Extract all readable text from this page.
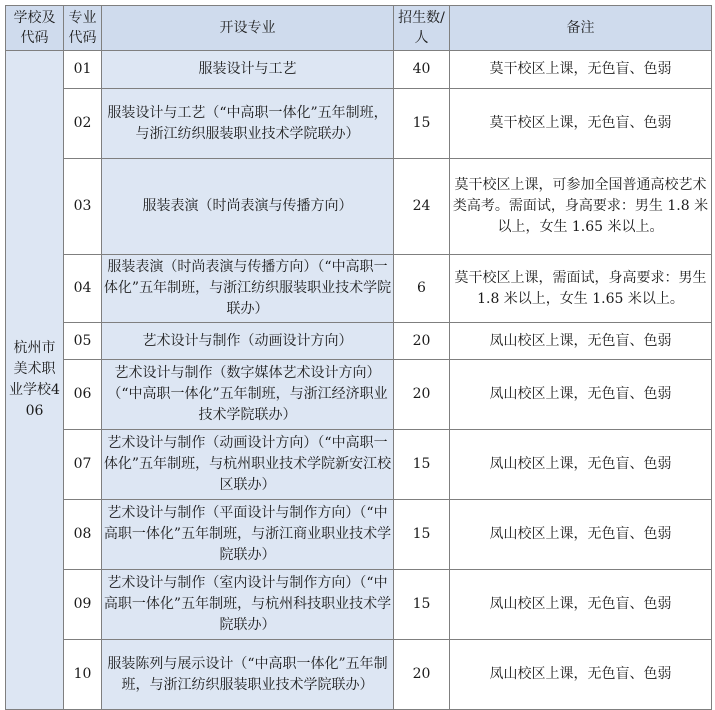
学校及代码	专业代码	开设专业	招生数/人	备注
杭州市美术职业学校406	01	服装设计与工艺	40	莫干校区上课，无色盲、色弱
	02	服装设计与工艺（“中高职一体化”五年制班，与浙江纺织服装职业技术学院联办）	15	莫干校区上课，无色盲、色弱
	03	服装表演（时尚表演与传播方向）	24	莫干校区上课，可参加全国普通高校艺术类高考。需面试，身高要求：男生 1.8 米以上，女生 1.65 米以上。
	04	服装表演（时尚表演与传播方向）（“中高职一体化”五年制班，与浙江纺织服装职业技术学院联办）	6	莫干校区上课，需面试，身高要求：男生 1.8 米以上，女生 1.65 米以上。
	05	艺术设计与制作（动画设计方向）	20	凤山校区上课，无色盲、色弱
	06	艺术设计与制作（数字媒体艺术设计方向）（“中高职一体化”五年制班，与浙江经济职业技术学院联办）	20	凤山校区上课，无色盲、色弱
	07	艺术设计与制作（动画设计方向）（“中高职一体化”五年制班，与杭州职业技术学院新安江校区联办）	15	凤山校区上课，无色盲、色弱
	08	艺术设计与制作（平面设计与制作方向）（“中高职一体化”五年制班，与浙江商业职业技术学院联办）	15	凤山校区上课，无色盲、色弱
	09	艺术设计与制作（室内设计与制作方向）（“中高职一体化”五年制班，与杭州科技职业技术学院联办）	15	凤山校区上课，无色盲、色弱
	10	服装陈列与展示设计（“中高职一体化”五年制班，与浙江纺织服装职业技术学院联办）	20	凤山校区上课，无色盲、色弱
